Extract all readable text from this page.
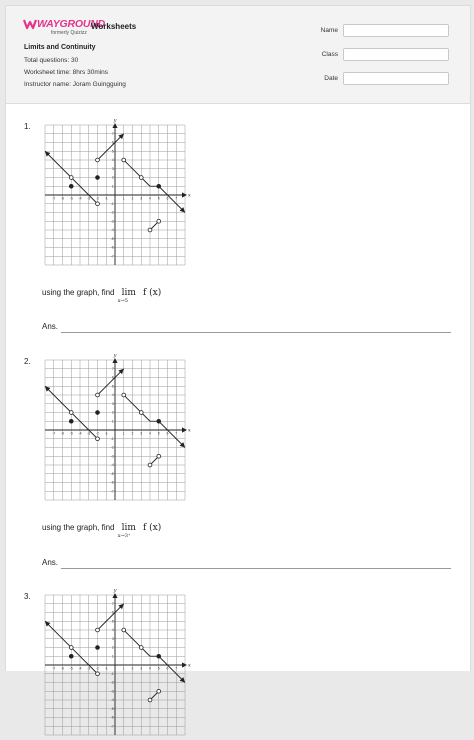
WAYGROUND
formerly Quizizz
Worksheets
Limits and Continuity
Total questions: 30
Worksheet time: 8hrs 30mins
Instructor name: Joram Guingguing
Name
Class
Date
1.
x
y
-7 -6 -5 -4 -3 -2 -1	1 2 3 4 5 6 7
7
6
5
4
3
2
1
-1
-2
-3
-4
-5
-6
-7
using the graph, find lim
x→5
f (x)
Ans.
2.
x
y
-7 -6 -5 -4 -3 -2 -1	1 2 3 4 5 6 7
7
6
5
4
3
2
1
-1
-2
-3
-4
-5
-6
-7
using the graph, find lim
x→3⁺
f (x)
Ans.
3.
x
y
-7 -6 -5 -4 -3 -2 -1	1 2 3 4 5 6 7
7
6
5
4
3
2
1
-1
-2
-3
-4
-5
-6
-7
